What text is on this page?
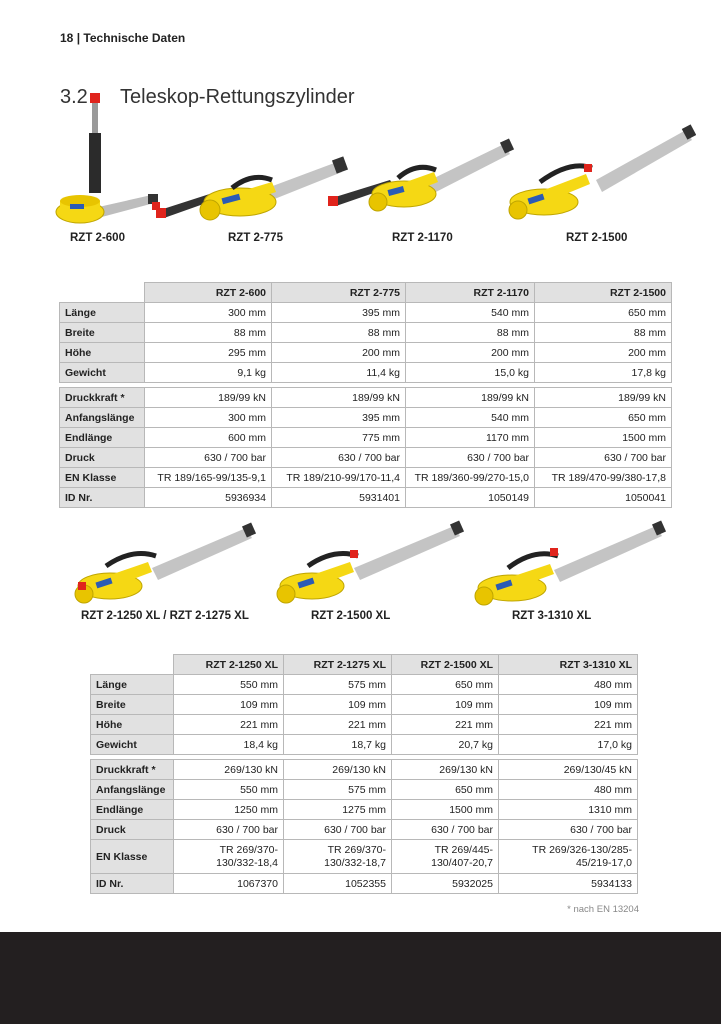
18 | Technische Daten
3.2 Teleskop-Rettungszylinder
RZT 2-600	RZT 2-775	RZT 2-1170	RZT 2-1500
	RZT 2-600	RZT 2-775	RZT 2-1170	RZT 2-1500
Länge	300 mm	395 mm	540 mm	650 mm
Breite	88 mm	88 mm	88 mm	88 mm
Höhe	295 mm	200 mm	200 mm	200 mm
Gewicht	9,1 kg	11,4 kg	15,0 kg	17,8 kg

Druckkraft *	189/99 kN	189/99 kN	189/99 kN	189/99 kN
Anfangslänge	300 mm	395 mm	540 mm	650 mm
Endlänge	600 mm	775 mm	1170 mm	1500 mm
Druck	630 / 700 bar	630 / 700 bar	630 / 700 bar	630 / 700 bar
EN Klasse	TR 189/165-99/135-9,1	TR 189/210-99/170-11,4	TR 189/360-99/270-15,0	TR 189/470-99/380-17,8
ID Nr.	5936934	5931401	1050149	1050041
RZT 2-1250 XL / RZT 2-1275 XL	RZT 2-1500 XL	RZT 3-1310 XL
	RZT 2-1250 XL	RZT 2-1275 XL	RZT 2-1500 XL	RZT 3-1310 XL
Länge	550 mm	575 mm	650 mm	480 mm
Breite	109 mm	109 mm	109 mm	109 mm
Höhe	221 mm	221 mm	221 mm	221 mm
Gewicht	18,4 kg	18,7 kg	20,7 kg	17,0 kg

Druckkraft *	269/130 kN	269/130 kN	269/130 kN	269/130/45 kN
Anfangslänge	550 mm	575 mm	650 mm	480 mm
Endlänge	1250 mm	1275 mm	1500 mm	1310 mm
Druck	630 / 700 bar	630 / 700 bar	630 / 700 bar	630 / 700 bar
EN Klasse	TR 269/370-130/332-18,4	TR 269/370-130/332-18,7	TR 269/445-130/407-20,7	TR 269/326-130/285-45/219-17,0
ID Nr.	1067370	1052355	5932025	5934133
* nach EN 13204
